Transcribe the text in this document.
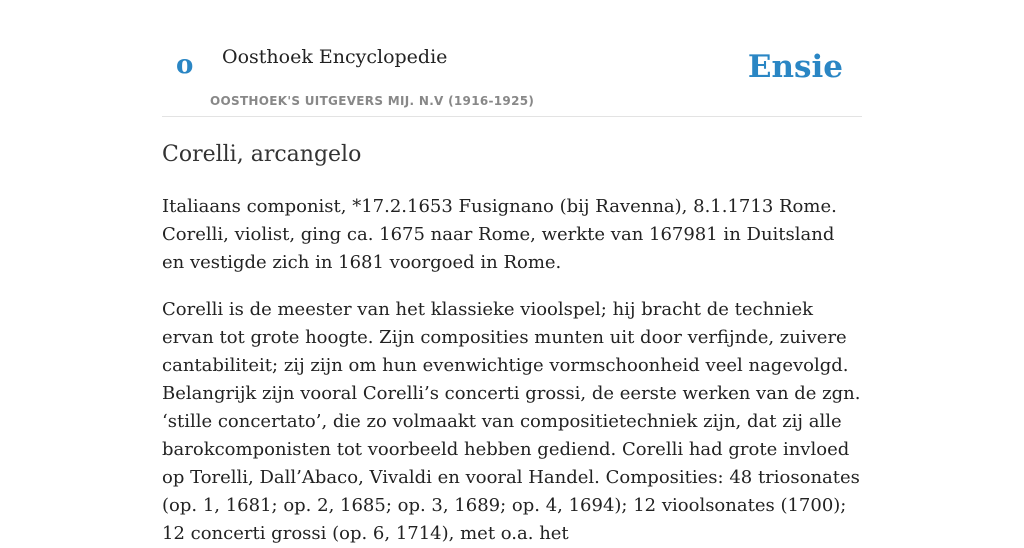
o Oosthoek Encyclopedie
OOSTHOEK'S UITGEVERS MIJ. N.V (1916-1925)
Ensie
Corelli, arcangelo

Italiaans componist, *17.2.1653 Fusignano (bij Ravenna), 8.1.1713 Rome. Corelli, violist, ging ca. 1675 naar Rome, werkte van 167981 in Duitsland en vestigde zich in 1681 voorgoed in Rome.

Corelli is de meester van het klassieke vioolspel; hij bracht de techniek ervan tot grote hoogte. Zijn composities munten uit door verfijnde, zuivere cantabiliteit; zij zijn om hun evenwichtige vormschoonheid veel nagevolgd. Belangrijk zijn vooral Corelli’s concerti grossi, de eerste werken van de zgn. ‘stille concertato’, die zo volmaakt van compositietechniek zijn, dat zij alle barokcomponisten tot voorbeeld hebben gediend. Corelli had grote invloed op Torelli, Dall’Abaco, Vivaldi en vooral Handel. Composities: 48 triosonates (op. 1, 1681; op. 2, 1685; op. 3, 1689; op. 4, 1694); 12 vioolsonates (1700); 12 concerti grossi (op. 6, 1714), met o.a. het
